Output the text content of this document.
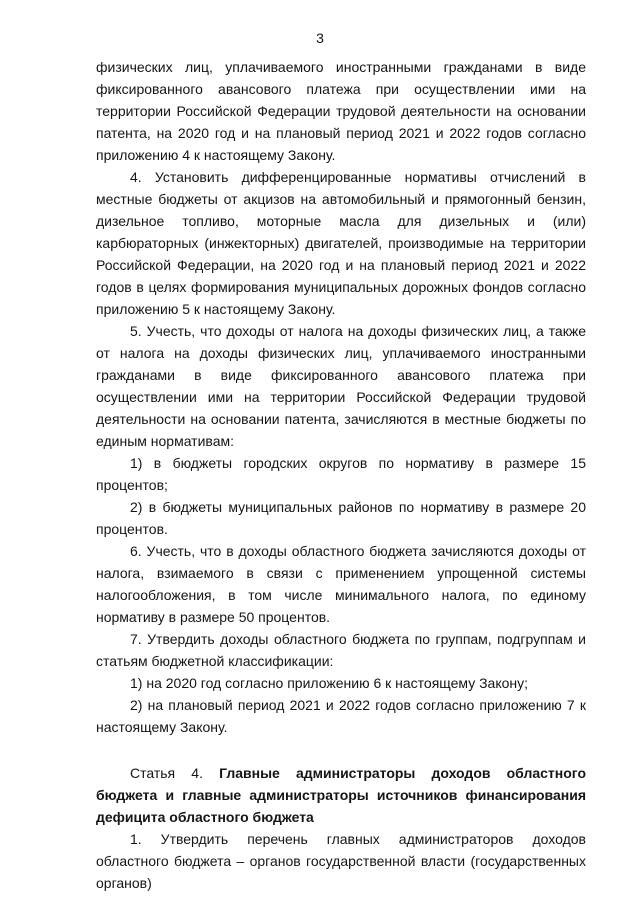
3

физических лиц, уплачиваемого иностранными гражданами в виде фиксированного авансового платежа при осуществлении ими на территории Российской Федерации трудовой деятельности на основании патента, на 2020 год и на плановый период 2021 и 2022 годов согласно приложению 4 к настоящему Закону.

4. Установить дифференцированные нормативы отчислений в местные бюджеты от акцизов на автомобильный и прямогонный бензин, дизельное топливо, моторные масла для дизельных и (или) карбюраторных (инжекторных) двигателей, производимые на территории Российской Федерации, на 2020 год и на плановый период 2021 и 2022 годов в целях формирования муниципальных дорожных фондов согласно приложению 5 к настоящему Закону.

5. Учесть, что доходы от налога на доходы физических лиц, а также от налога на доходы физических лиц, уплачиваемого иностранными гражданами в виде фиксированного авансового платежа при осуществлении ими на территории Российской Федерации трудовой деятельности на основании патента, зачисляются в местные бюджеты по единым нормативам:

1) в бюджеты городских округов по нормативу в размере 15 процентов;

2) в бюджеты муниципальных районов по нормативу в размере 20 процентов.

6. Учесть, что в доходы областного бюджета зачисляются доходы от налога, взимаемого в связи с применением упрощенной системы налогообложения, в том числе минимального налога, по единому нормативу в размере 50 процентов.

7. Утвердить доходы областного бюджета по группам, подгруппам и статьям бюджетной классификации:

1) на 2020 год согласно приложению 6 к настоящему Закону;

2) на плановый период 2021 и 2022 годов согласно приложению 7 к настоящему Закону.

Статья 4. Главные администраторы доходов областного бюджета и главные администраторы источников финансирования дефицита областного бюджета

1. Утвердить перечень главных администраторов доходов областного бюджета – органов государственной власти (государственных органов)
